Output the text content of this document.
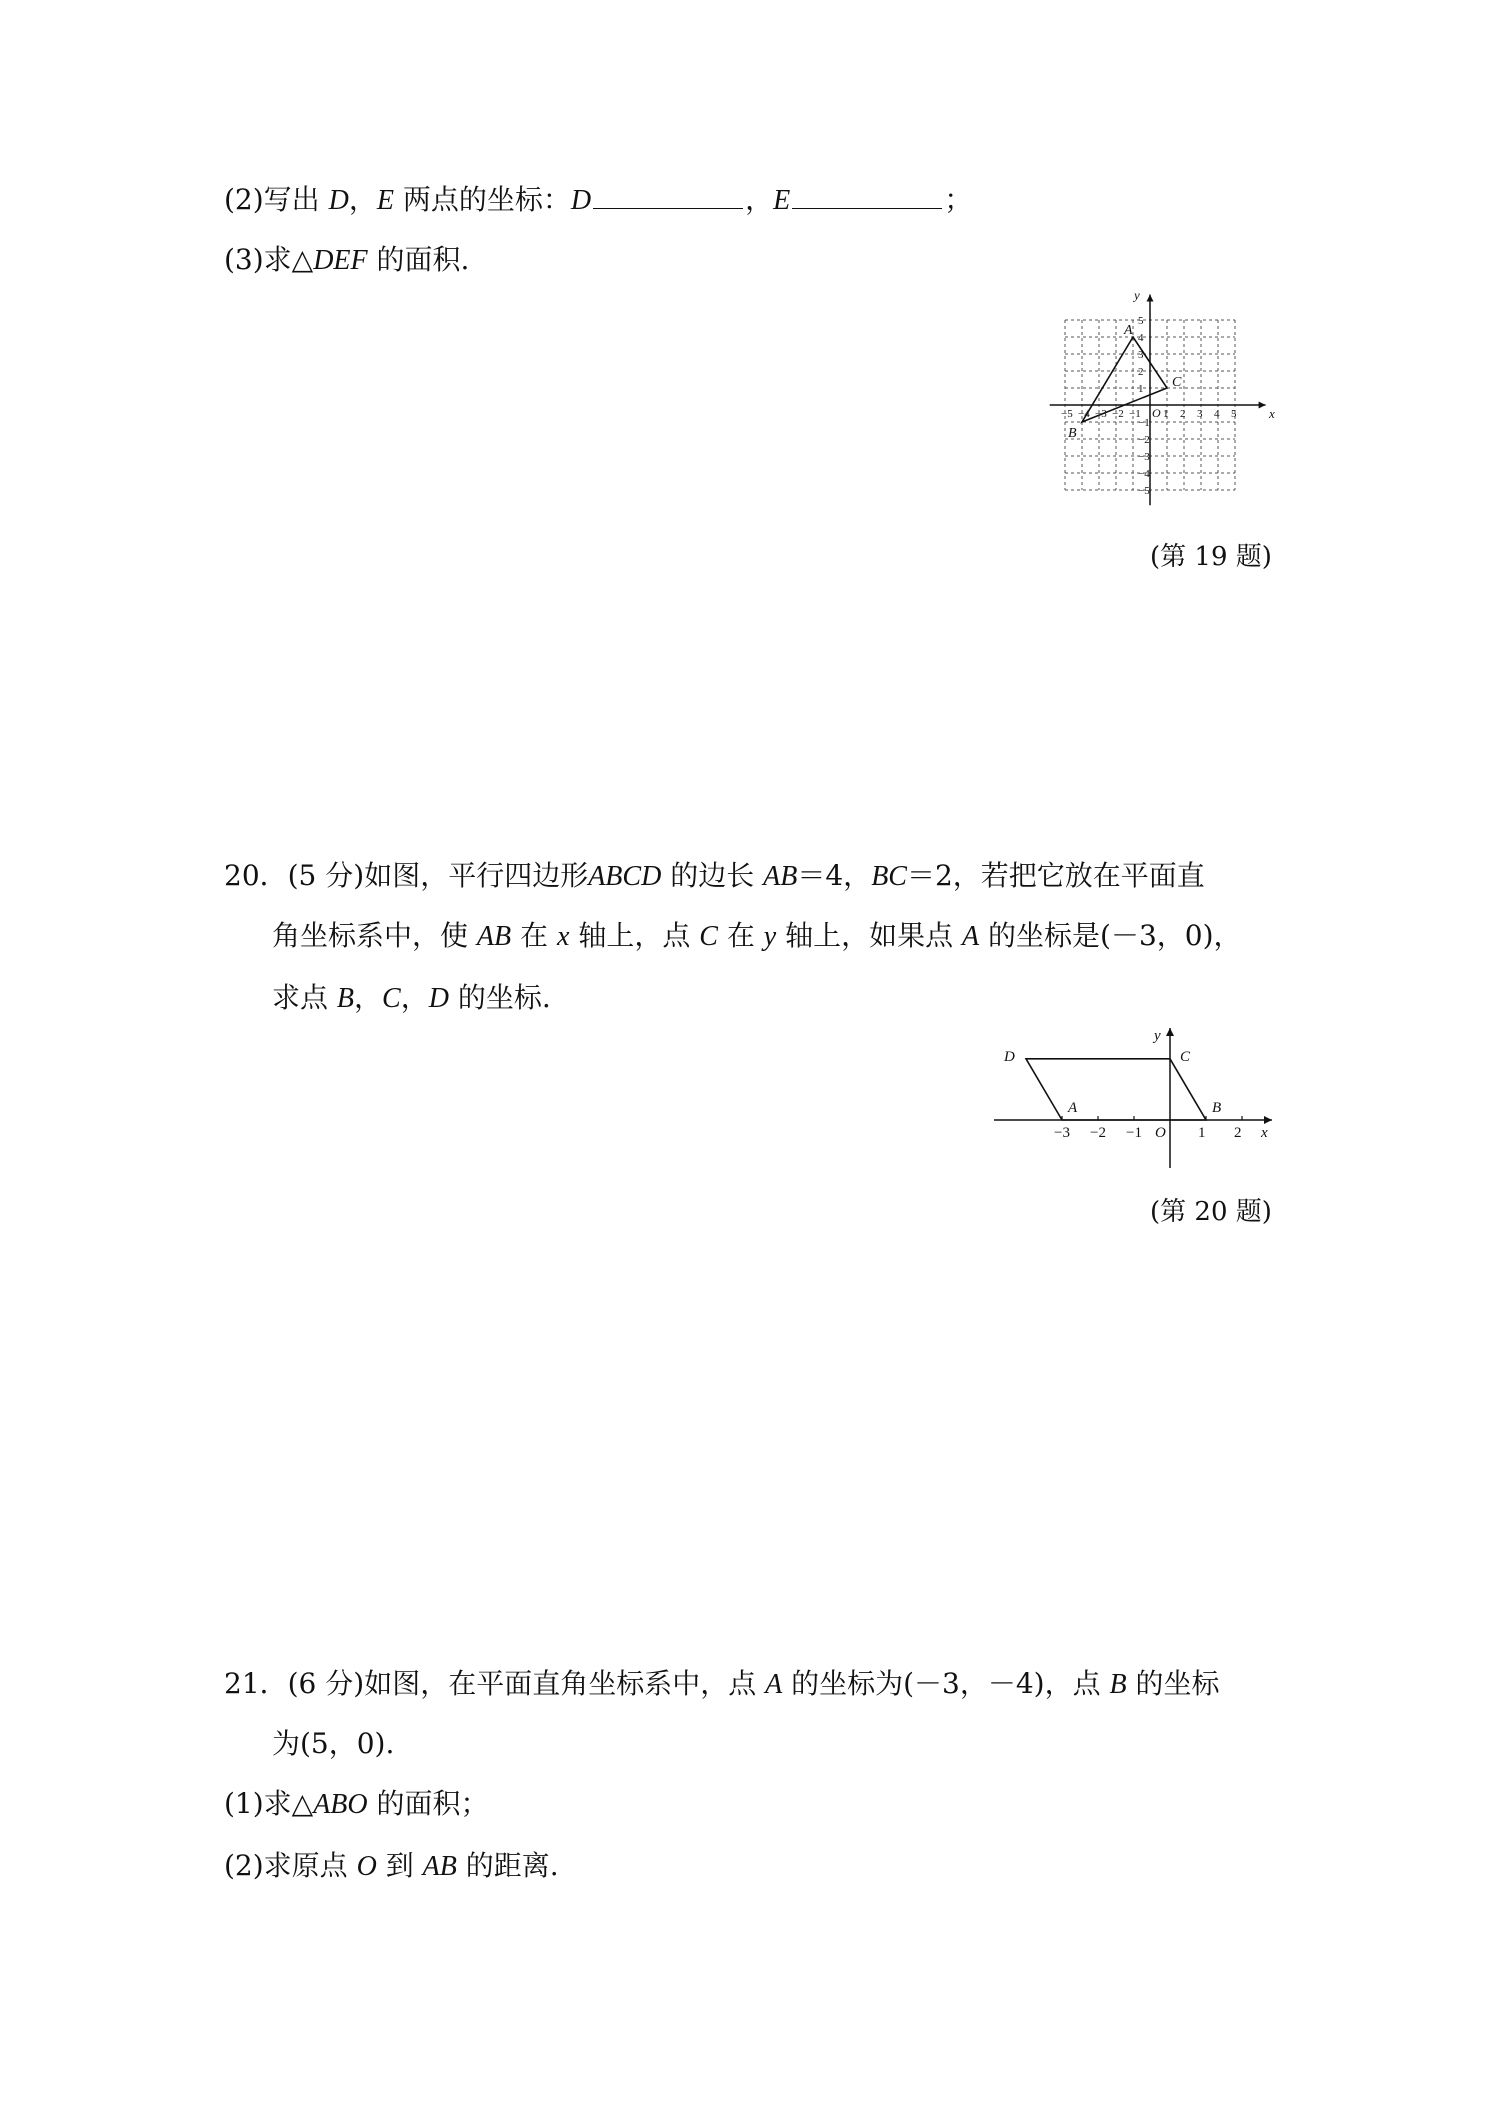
(2)写出 D，E 两点的坐标：D	，E	；
(3)求△DEF 的面积.
x
y
O
−5 −4 −3 −2 −1 1 2 3 4 5
5
4
3
2
1
−1
−2
−3
−4
−5
A
B
C
(第 19 题)
20．(5 分)如图，平行四边形ABCD 的边长 AB＝4，BC＝2，若把它放在平面直
角坐标系中，使 AB 在 x 轴上，点 C 在 y 轴上，如果点 A 的坐标是(－3，0)，
求点 B，C，D 的坐标.
x
y
O
−3 −2 −1	1 2
A	B
C
D
(第 20 题)
21．(6 分)如图，在平面直角坐标系中，点 A 的坐标为(－3，－4)，点 B 的坐标
为(5，0).
(1)求△ABO 的面积；
(2)求原点 O 到 AB 的距离.
